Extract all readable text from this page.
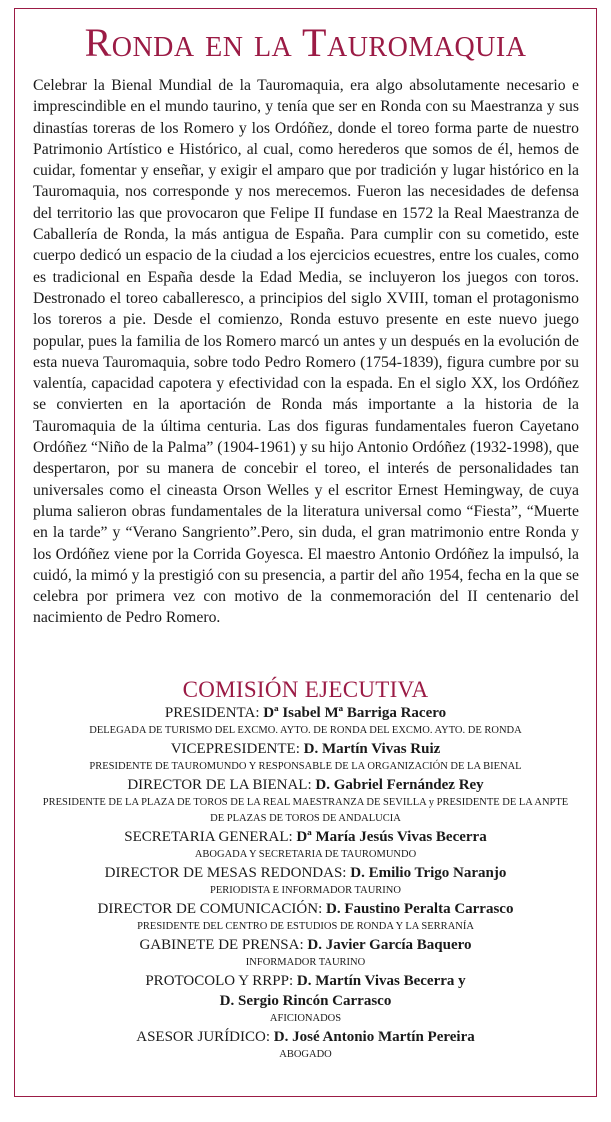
Ronda en la Tauromaquia

Celebrar la Bienal Mundial de la Tauromaquia, era algo absolutamente necesario e imprescindible en el mundo taurino, y tenía que ser en Ronda con su Maestranza y sus dinastías toreras de los Romero y los Ordóñez, donde el toreo forma parte de nuestro Patrimonio Artístico e Histórico, al cual, como herederos que somos de él, hemos de cuidar, fomentar y enseñar, y exigir el amparo que por tradición y lugar histórico en la Tauromaquia, nos corresponde y nos merecemos. Fueron las necesidades de defensa del territorio las que provocaron que Felipe II fundase en 1572 la Real Maestranza de Caballería de Ronda, la más antigua de España. Para cumplir con su cometido, este cuerpo dedicó un espacio de la ciudad a los ejercicios ecuestres, entre los cuales, como es tradicional en España desde la Edad Media, se incluyeron los juegos con toros. Destronado el toreo caballeresco, a principios del siglo XVIII, toman el protagonismo los toreros a pie. Desde el comienzo, Ronda estuvo presente en este nuevo juego popular, pues la familia de los Romero marcó un antes y un después en la evolución de esta nueva Tauromaquia, sobre todo Pedro Romero (1754-1839), figura cumbre por su valentía, capacidad capotera y efectividad con la espada. En el siglo XX, los Ordóñez se convierten en la aportación de Ronda más importante a la historia de la Tauromaquia de la última centuria. Las dos figuras fundamentales fueron Cayetano Ordóñez “Niño de la Palma” (1904-1961) y su hijo Antonio Ordóñez (1932-1998), que despertaron, por su manera de concebir el toreo, el interés de personalidades tan universales como el cineasta Orson Welles y el escritor Ernest Hemingway, de cuya pluma salieron obras fundamentales de la literatura universal como “Fiesta”, “Muerte en la tarde” y “Verano Sangriento”.Pero, sin duda, el gran matrimonio entre Ronda y los Ordóñez viene por la Corrida Goyesca. El maestro Antonio Ordóñez la impulsó, la cuidó, la mimó y la prestigió con su presencia, a partir del año 1954, fecha en la que se celebra por primera vez con motivo de la conmemoración del II centenario del nacimiento de Pedro Romero.

COMISIÓN EJECUTIVA
PRESIDENTA: Dª Isabel Mª Barriga Racero
DELEGADA DE TURISMO DEL EXCMO. AYTO. DE RONDA DEL EXCMO. AYTO. DE RONDA
VICEPRESIDENTE: D. Martín Vivas Ruiz
PRESIDENTE DE TAUROMUNDO Y RESPONSABLE DE LA ORGANIZACIÓN DE LA BIENAL
DIRECTOR DE LA BIENAL: D. Gabriel Fernández Rey
PRESIDENTE DE LA PLAZA DE TOROS DE LA REAL MAESTRANZA DE SEVILLA y PRESIDENTE DE LA ANPTE DE PLAZAS DE TOROS DE ANDALUCIA
SECRETARIA GENERAL: Dª María Jesús Vivas Becerra
ABOGADA Y SECRETARIA DE TAUROMUNDO
DIRECTOR DE MESAS REDONDAS: D. Emilio Trigo Naranjo
PERIODISTA E INFORMADOR TAURINO
DIRECTOR DE COMUNICACIÓN: D. Faustino Peralta Carrasco
PRESIDENTE DEL CENTRO DE ESTUDIOS DE RONDA Y LA SERRANÍA
GABINETE DE PRENSA: D. Javier García Baquero
INFORMADOR TAURINO
PROTOCOLO Y RRPP: D. Martín Vivas Becerra y
D. Sergio Rincón Carrasco
AFICIONADOS
ASESOR JURÍDICO: D. José Antonio Martín Pereira
ABOGADO
